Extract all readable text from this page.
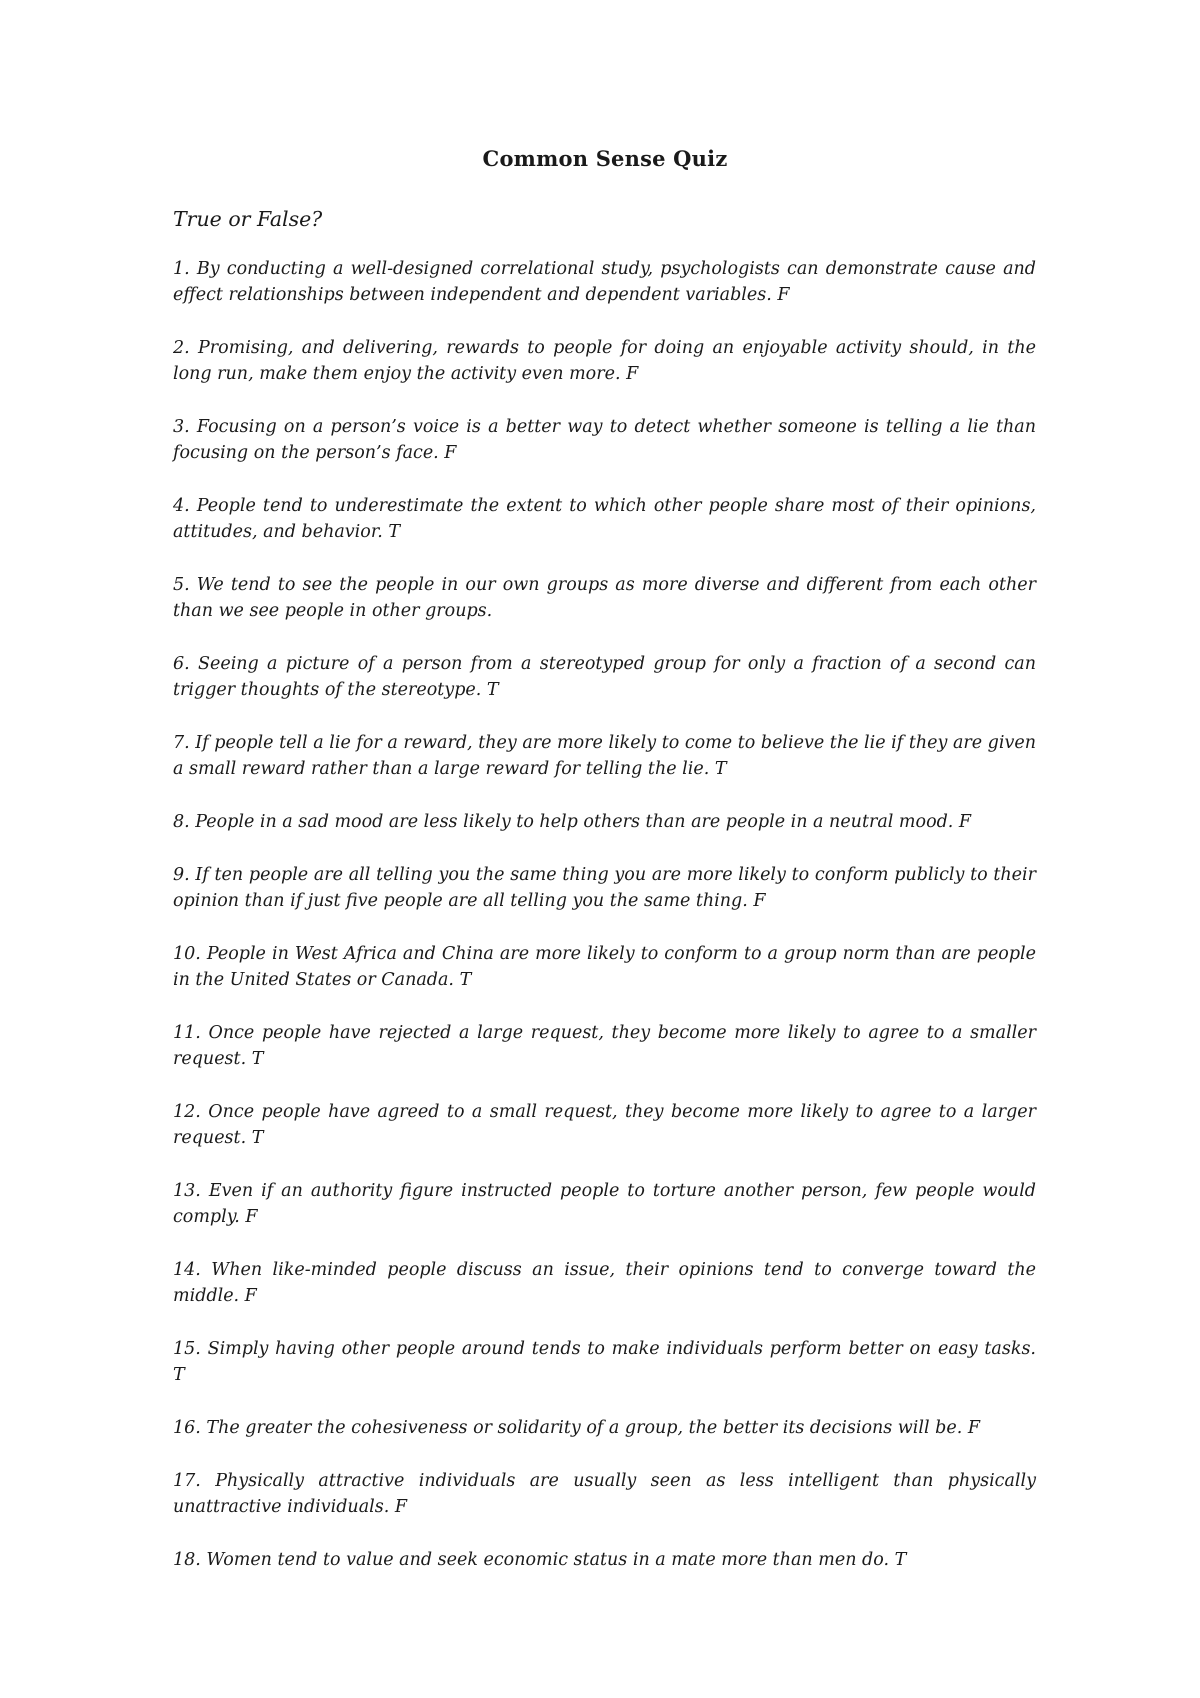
Common Sense Quiz
True or False?

1. By conducting a well-designed correlational study, psychologists can demonstrate cause and effect relationships between independent and dependent variables. F

2. Promising, and delivering, rewards to people for doing an enjoyable activity should, in the long run, make them enjoy the activity even more. F

3. Focusing on a person’s voice is a better way to detect whether someone is telling a lie than focusing on the person’s face. F

4. People tend to underestimate the extent to which other people share most of their opinions, attitudes, and behavior. T

5. We tend to see the people in our own groups as more diverse and different from each other than we see people in other groups.

6. Seeing a picture of a person from a stereotyped group for only a fraction of a second can trigger thoughts of the stereotype. T

7. If people tell a lie for a reward, they are more likely to come to believe the lie if they are given a small reward rather than a large reward for telling the lie. T

8. People in a sad mood are less likely to help others than are people in a neutral mood. F

9. If ten people are all telling you the same thing you are more likely to conform publicly to their opinion than if just five people are all telling you the same thing. F

10. People in West Africa and China are more likely to conform to a group norm than are people in the United States or Canada. T

11. Once people have rejected a large request, they become more likely to agree to a smaller request. T

12. Once people have agreed to a small request, they become more likely to agree to a larger request. T

13. Even if an authority figure instructed people to torture another person, few people would comply. F

14. When like-minded people discuss an issue, their opinions tend to converge toward the middle. F

15. Simply having other people around tends to make individuals perform better on easy tasks. T

16. The greater the cohesiveness or solidarity of a group, the better its decisions will be. F

17. Physically attractive individuals are usually seen as less intelligent than physically unattractive individuals. F

18. Women tend to value and seek economic status in a mate more than men do. T
